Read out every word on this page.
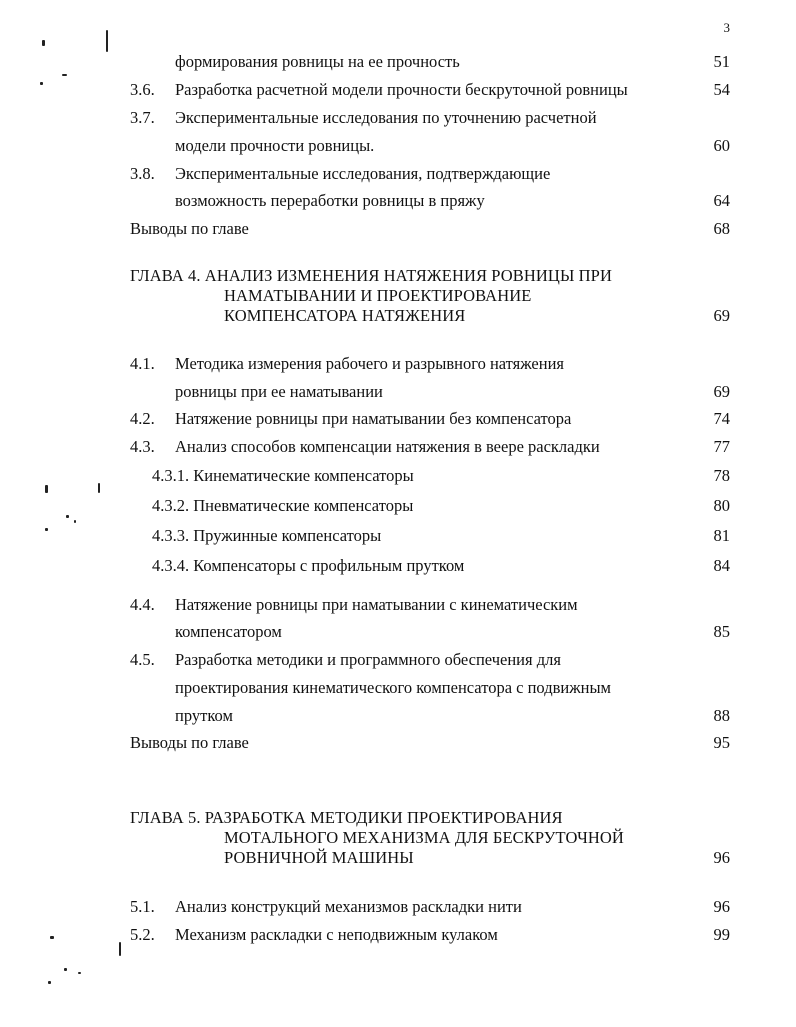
3
формирования ровницы на ее прочность	51
3.6.	Разработка расчетной модели прочности бескруточной ровницы	54
3.7.	Экспериментальные исследования по уточнению расчетной
модели прочности ровницы.	60
3.8.	Экспериментальные исследования, подтверждающие
возможность переработки ровницы в пряжу	64
Выводы по главе	68
ГЛАВА 4. АНАЛИЗ ИЗМЕНЕНИЯ НАТЯЖЕНИЯ РОВНИЦЫ ПРИ
НАМАТЫВАНИИ И ПРОЕКТИРОВАНИЕ
КОМПЕНСАТОРА НАТЯЖЕНИЯ	69
4.1.	Методика измерения рабочего и разрывного натяжения
ровницы при ее наматывании	69
4.2.	Натяжение ровницы при наматывании без компенсатора	74
4.3.	Анализ способов компенсации натяжения в веере раскладки	77
4.3.1. Кинематические компенсаторы	78
4.3.2. Пневматические компенсаторы	80
4.3.3. Пружинные компенсаторы	81
4.3.4. Компенсаторы с профильным прутком	84
4.4.	Натяжение ровницы при наматывании с кинематическим
компенсатором	85
4.5.	Разработка методики и программного обеспечения для
проектирования кинематического компенсатора с подвижным
прутком	88
Выводы по главе	95
ГЛАВА 5. РАЗРАБОТКА МЕТОДИКИ ПРОЕКТИРОВАНИЯ
МОТАЛЬНОГО МЕХАНИЗМА ДЛЯ БЕСКРУТОЧНОЙ
РОВНИЧНОЙ МАШИНЫ	96
5.1.	Анализ конструкций механизмов раскладки нити	96
5.2.	Механизм раскладки с неподвижным кулаком	99
